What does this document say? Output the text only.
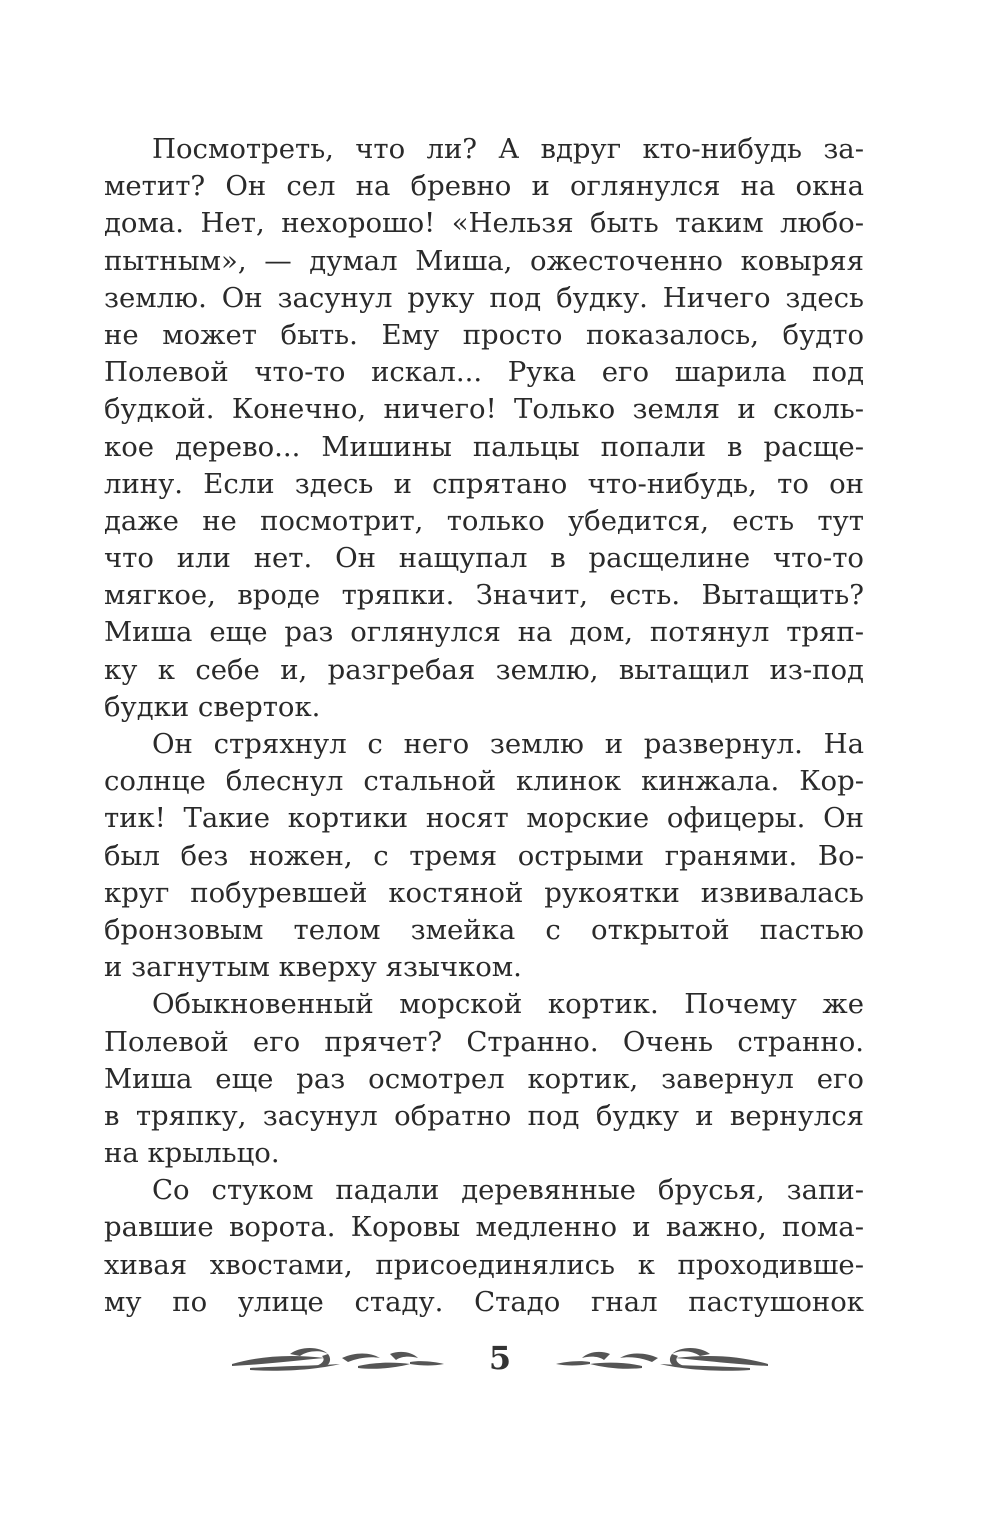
Посмотреть, что ли? А вдруг кто-нибудь за-
метит? Он сел на бревно и оглянулся на окна
дома. Нет, нехорошо! «Нельзя быть таким любо-
пытным», — думал Миша, ожесточенно ковыряя
землю. Он засунул руку под будку. Ничего здесь
не может быть. Ему просто показалось, будто
Полевой что-то искал... Рука его шарила под
будкой. Конечно, ничего! Только земля и сколь-
кое дерево... Мишины пальцы попали в расще-
лину. Если здесь и спрятано что-нибудь, то он
даже не посмотрит, только убедится, есть тут
что или нет. Он нащупал в расщелине что-то
мягкое, вроде тряпки. Значит, есть. Вытащить?
Миша еще раз оглянулся на дом, потянул тряп-
ку к себе и, разгребая землю, вытащил из-под
будки сверток.
Он стряхнул с него землю и развернул. На
солнце блеснул стальной клинок кинжала. Кор-
тик! Такие кортики носят морские офицеры. Он
был без ножен, с тремя острыми гранями. Во-
круг побуревшей костяной рукоятки извивалась
бронзовым телом змейка с открытой пастью
и загнутым кверху язычком.
Обыкновенный морской кортик. Почему же
Полевой его прячет? Странно. Очень странно.
Миша еще раз осмотрел кортик, завернул его
в тряпку, засунул обратно под будку и вернулся
на крыльцо.
Со стуком падали деревянные брусья, запи-
равшие ворота. Коровы медленно и важно, пома-
хивая хвостами, присоединялись к проходивше-
му по улице стаду. Стадо гнал пастушонок
5
